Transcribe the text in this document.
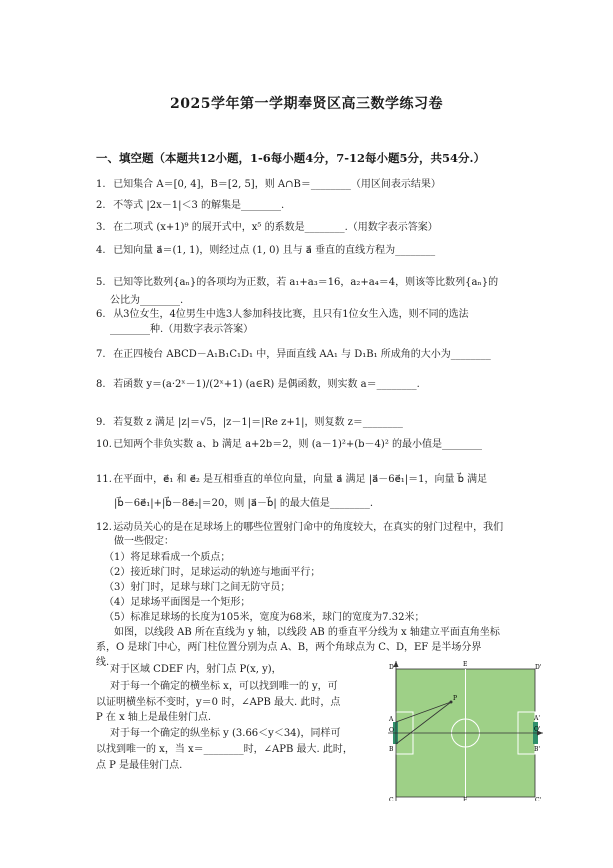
2025学年第一学期奉贤区高三数学练习卷
一、填空题（本题共12小题，1-6每小题4分，7-12每小题5分，共54分.）
1. 已知集合 A＝[0, 4]，B＝[2, 5]，则 A∩B＝________（用区间表示结果）
2. 不等式 |2x－1|＜3 的解集是________.
3. 在二项式 (x+1)⁹ 的展开式中，x⁵ 的系数是________.（用数字表示答案）
4. 已知向量 a⃗＝(1, 1)，则经过点 (1, 0) 且与 a⃗ 垂直的直线方程为________
5. 已知等比数列{aₙ}的各项均为正数，若 a₁+a₃＝16，a₂+a₄＝4，则该等比数列{aₙ}的
公比为________.
6. 从3位女生，4位男生中选3人参加科技比赛，且只有1位女生入选，则不同的选法
________种.（用数字表示答案）
7. 在正四棱台 ABCD－A₁B₁C₁D₁ 中，异面直线 AA₁ 与 D₁B₁ 所成角的大小为________
8. 若函数 y＝(a·2ˣ－1)/(2ˣ+1) (a∈R) 是偶函数，则实数 a＝________.
9. 若复数 z 满足 |z|＝√5，|z－1|＝|Re z+1|，则复数 z＝________
10. 已知两个非负实数 a、b 满足 a+2b＝2，则 (a－1)²+(b－4)² 的最小值是________
11. 在平面中，e⃗₁ 和 e⃗₂ 是互相垂直的单位向量，向量 a⃗ 满足 |a⃗－6e⃗₁|＝1，向量 b⃗ 满足
|b⃗－6e⃗₁|+|b⃗－8e⃗₂|＝20，则 |a⃗－b⃗| 的最大值是________.
12. 运动员关心的是在足球场上的哪些位置射门命中的角度较大，在真实的射门过程中，我们
做一些假定：
（1）将足球看成一个质点；
（2）接近球门时，足球运动的轨迹与地面平行；
（3）射门时，足球与球门之间无防守员；
（4）足球场平面图是一个矩形；
（5）标准足球场的长度为105米，宽度为68米，球门的宽度为7.32米；
如图，以线段 AB 所在直线为 y 轴，以线段 AB 的垂直平分线为 x 轴建立平面直角坐标
系，O 是球门中心，两门柱位置分别为点 A、B，两个角球点为 C、D，EF 是半场分界
线.
对于区域 CDEF 内，射门点 P(x, y)，
对于每一个确定的横坐标 x，可以找到唯一的 y，可
以证明横坐标不变时，y＝0 时，∠APB 最大. 此时，点
P 在 x 轴上是最佳射门点.
对于每一个确定的纵坐标 y (3.66＜y＜34)，同样可
以找到唯一的 x，当 x＝________时，∠APB 最大. 此时，
点 P 是最佳射门点.
D	E	D'
A
O
B
C	F	C'
P
A'
O'
B'
